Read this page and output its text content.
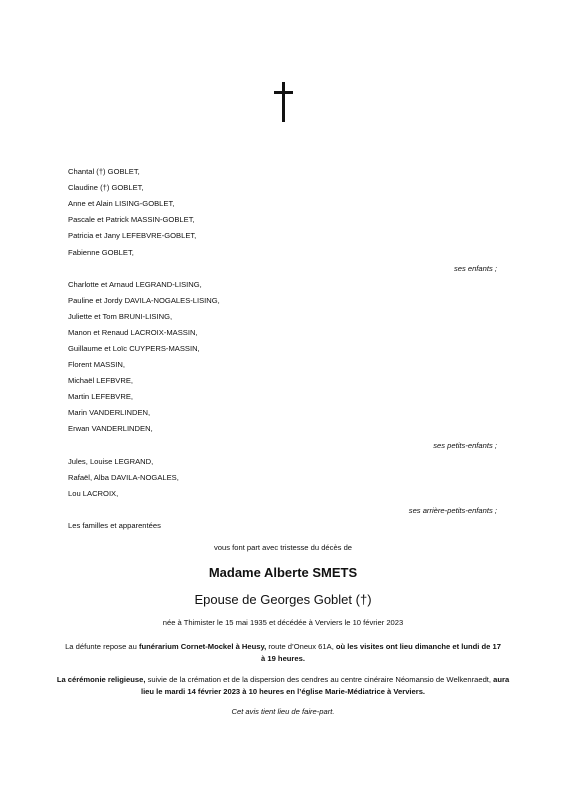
Chantal (†) GOBLET,
Claudine (†) GOBLET,
Anne et Alain LISING-GOBLET,
Pascale et Patrick MASSIN-GOBLET,
Patricia et Jany LEFEBVRE-GOBLET,
Fabienne GOBLET,
ses enfants ;
Charlotte et Arnaud LEGRAND-LISING,
Pauline et Jordy DAVILA-NOGALES-LISING,
Juliette et Tom BRUNI-LISING,
Manon et Renaud LACROIX-MASSIN,
Guillaume et Loïc CUYPERS-MASSIN,
Florent MASSIN,
Michaël LEFBVRE,
Martin LEFEBVRE,
Marin VANDERLINDEN,
Erwan VANDERLINDEN,
ses petits-enfants ;
Jules, Louise LEGRAND,
Rafaël, Alba DAVILA-NOGALES,
Lou LACROIX,
ses arrière-petits-enfants ;
Les familles et apparentées
vous font part avec tristesse du décès de
Madame Alberte SMETS
Epouse de Georges Goblet (†)
née à Thimister le 15 mai 1935 et décédée à Verviers le 10 février 2023
La défunte repose au funérarium Cornet-Mockel à Heusy, route d’Oneux 61A, où les visites ont lieu dimanche et lundi de 17 à 19 heures.
La cérémonie religieuse, suivie de la crémation et de la dispersion des cendres au centre cinéraire Néomansio de Welkenraedt, aura lieu le mardi 14 février 2023 à 10 heures en l’église Marie-Médiatrice à Verviers.
Cet avis tient lieu de faire-part.
